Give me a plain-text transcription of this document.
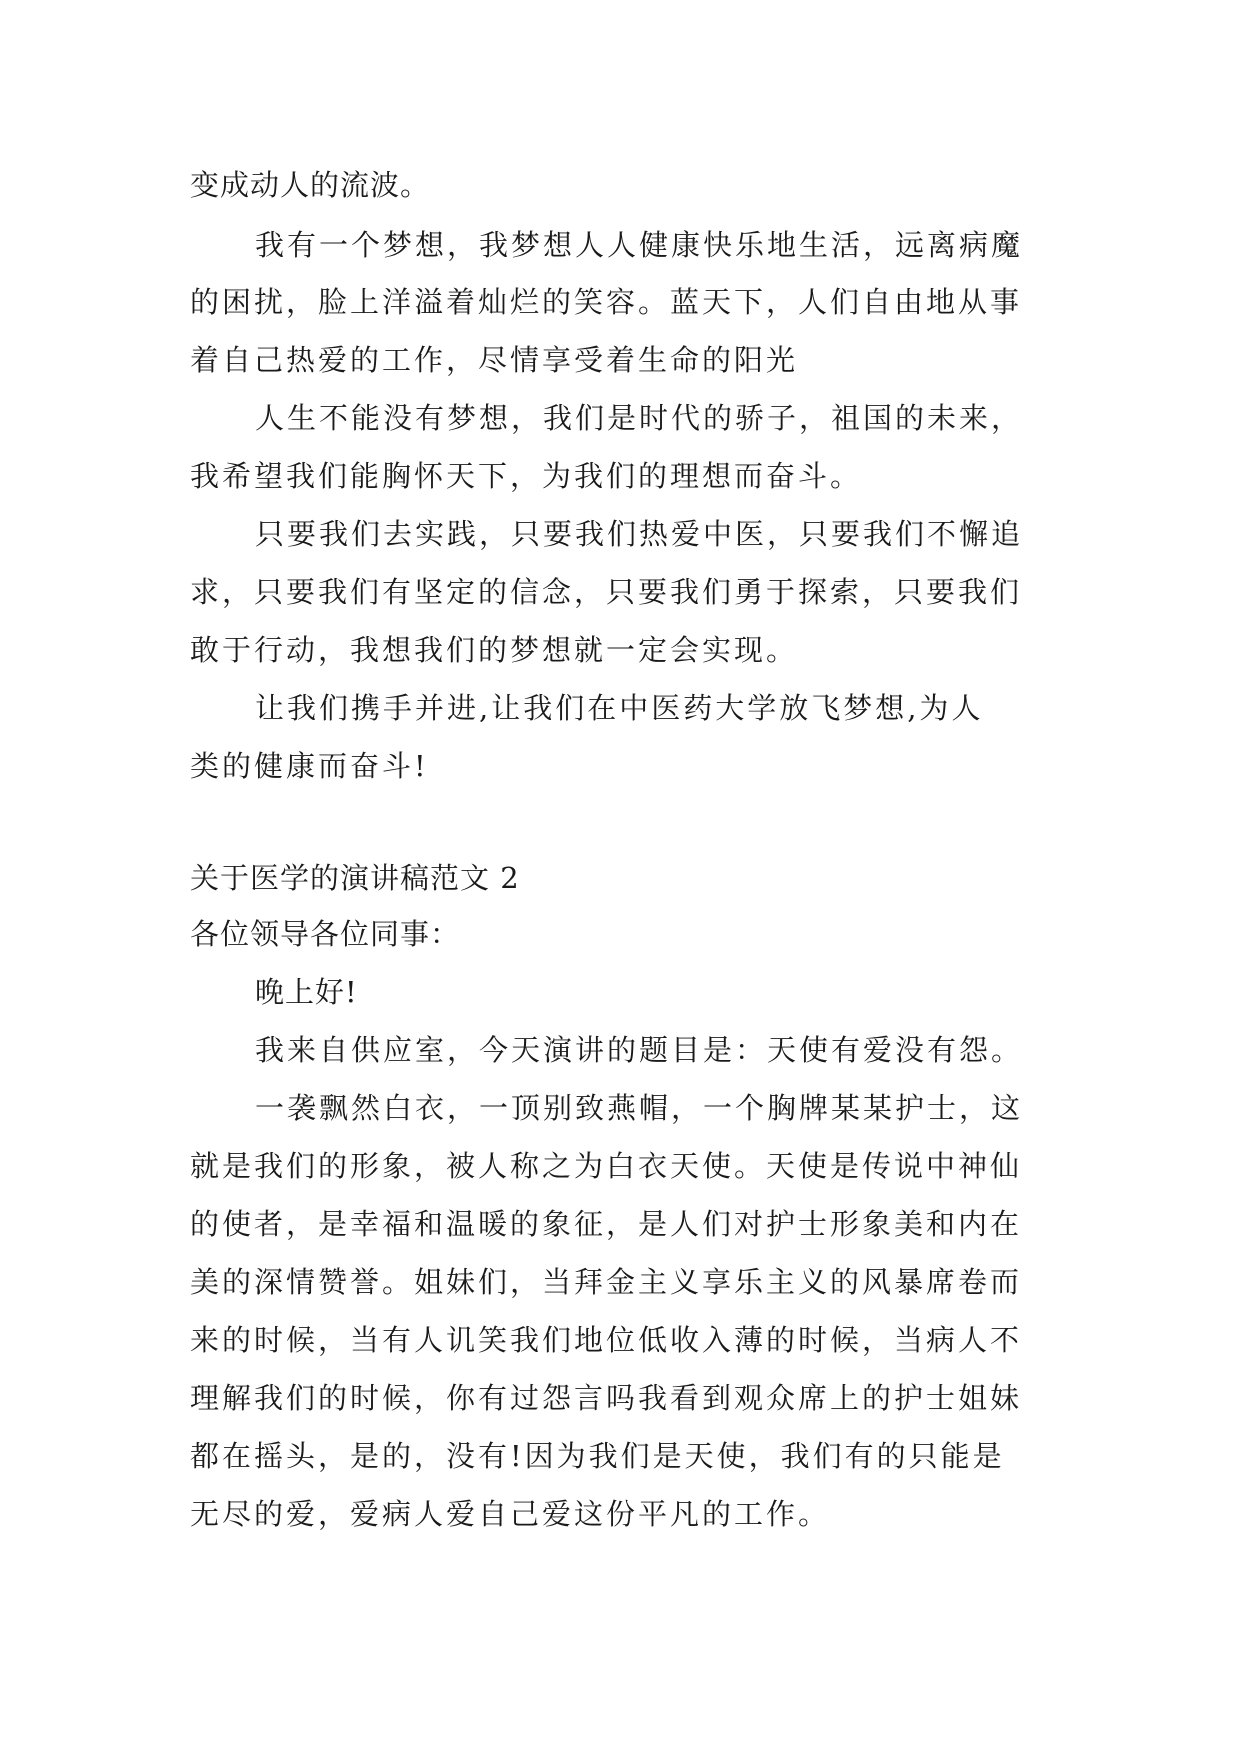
变成动人的流波。
我有一个梦想，我梦想人人健康快乐地生活，远离病魔
的困扰，脸上洋溢着灿烂的笑容。蓝天下，人们自由地从事
着自己热爱的工作，尽情享受着生命的阳光
人生不能没有梦想，我们是时代的骄子，祖国的未来，
我希望我们能胸怀天下，为我们的理想而奋斗。
只要我们去实践，只要我们热爱中医，只要我们不懈追
求，只要我们有坚定的信念，只要我们勇于探索，只要我们
敢于行动，我想我们的梦想就一定会实现。
让我们携手并进,让我们在中医药大学放飞梦想,为人
类的健康而奋斗!
关于医学的演讲稿范文 2
各位领导各位同事：
晚上好!
我来自供应室，今天演讲的题目是：天使有爱没有怨。
一袭飘然白衣，一顶别致燕帽，一个胸牌某某护士，这
就是我们的形象，被人称之为白衣天使。天使是传说中神仙
的使者，是幸福和温暖的象征，是人们对护士形象美和内在
美的深情赞誉。姐妹们，当拜金主义享乐主义的风暴席卷而
来的时候，当有人讥笑我们地位低收入薄的时候，当病人不
理解我们的时候，你有过怨言吗我看到观众席上的护士姐妹
都在摇头，是的，没有!因为我们是天使，我们有的只能是
无尽的爱，爱病人爱自己爱这份平凡的工作。
